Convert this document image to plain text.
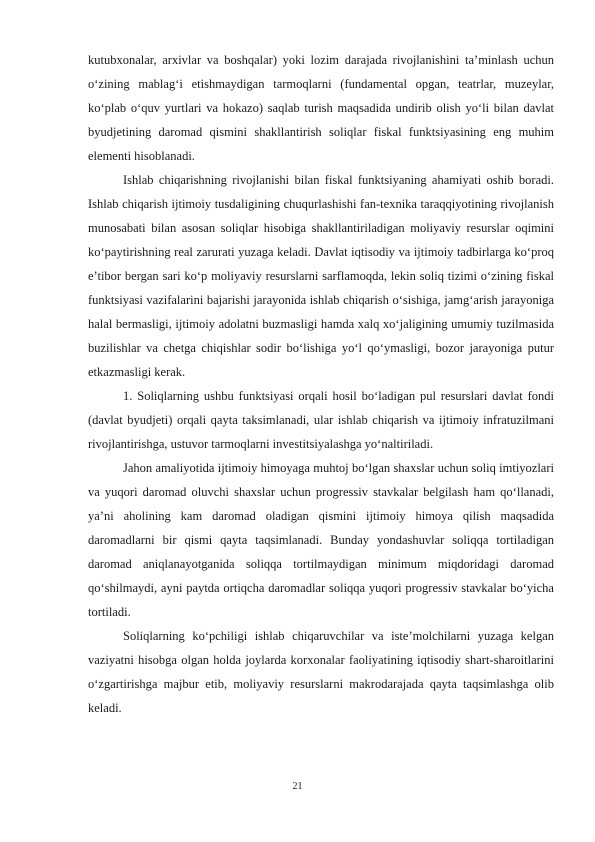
kutubxonalar, arxivlar va boshqalar) yoki lozim darajada rivojlanishini ta’minlash uchun o‘zining mablag‘i etishmaydigan tarmoqlarni (fundamental opgan, teatrlar, muzeylar, ko‘plab o‘quv yurtlari va hokazo) saqlab turish maqsadida undirib olish yo‘li bilan davlat byudjetining daromad qismini shakllantirish soliqlar fiskal funktsiyasining eng muhim elementi hisoblanadi.

Ishlab chiqarishning rivojlanishi bilan fiskal funktsiyaning ahamiyati oshib boradi. Ishlab chiqarish ijtimoiy tusdaligining chuqurlashishi fan-texnika taraqqiyotining rivojlanish munosabati bilan asosan soliqlar hisobiga shakllantiriladigan moliyaviy resurslar oqimini ko‘paytirishning real zarurati yuzaga keladi. Davlat iqtisodiy va ijtimoiy tadbirlarga ko‘proq e’tibor bergan sari ko‘p moliyaviy resurslarni sarflamoqda, lekin soliq tizimi o‘zining fiskal funktsiyasi vazifalarini bajarishi jarayonida ishlab chiqarish o‘sishiga, jamg‘arish jarayoniga halal bermasligi, ijtimoiy adolatni buzmasligi hamda xalq xo‘jaligining umumiy tuzilmasida buzilishlar va chetga chiqishlar sodir bo‘lishiga yo‘l qo‘ymasligi, bozor jarayoniga putur etkazmasligi kerak.

1. Soliqlarning ushbu funktsiyasi orqali hosil bo‘ladigan pul resurslari davlat fondi (davlat byudjeti) orqali qayta taksimlanadi, ular ishlab chiqarish va ijtimoiy infratuzilmani rivojlantirishga, ustuvor tarmoqlarni investitsiyalashga yo‘naltiriladi.

Jahon amaliyotida ijtimoiy himoyaga muhtoj bo‘lgan shaxslar uchun soliq imtiyozlari va yuqori daromad oluvchi shaxslar uchun progressiv stavkalar belgilash ham qo‘llanadi, ya’ni aholining kam daromad oladigan qismini ijtimoiy himoya qilish maqsadida daromadlarni bir qismi qayta taqsimlanadi. Bunday yondashuvlar soliqqa tortiladigan daromad aniqlanayotganida soliqqa tortilmaydigan minimum miqdoridagi daromad qo‘shilmaydi, ayni paytda ortiqcha daromadlar soliqqa yuqori progressiv stavkalar bo‘yicha tortiladi.

Soliqlarning ko‘pchiligi ishlab chiqaruvchilar va iste’molchilarni yuzaga kelgan vaziyatni hisobga olgan holda joylarda korxonalar faoliyatining iqtisodiy shart-sharoitlarini o‘zgartirishga majbur etib, moliyaviy resurslarni makrodarajada qayta taqsimlashga olib keladi.

21
